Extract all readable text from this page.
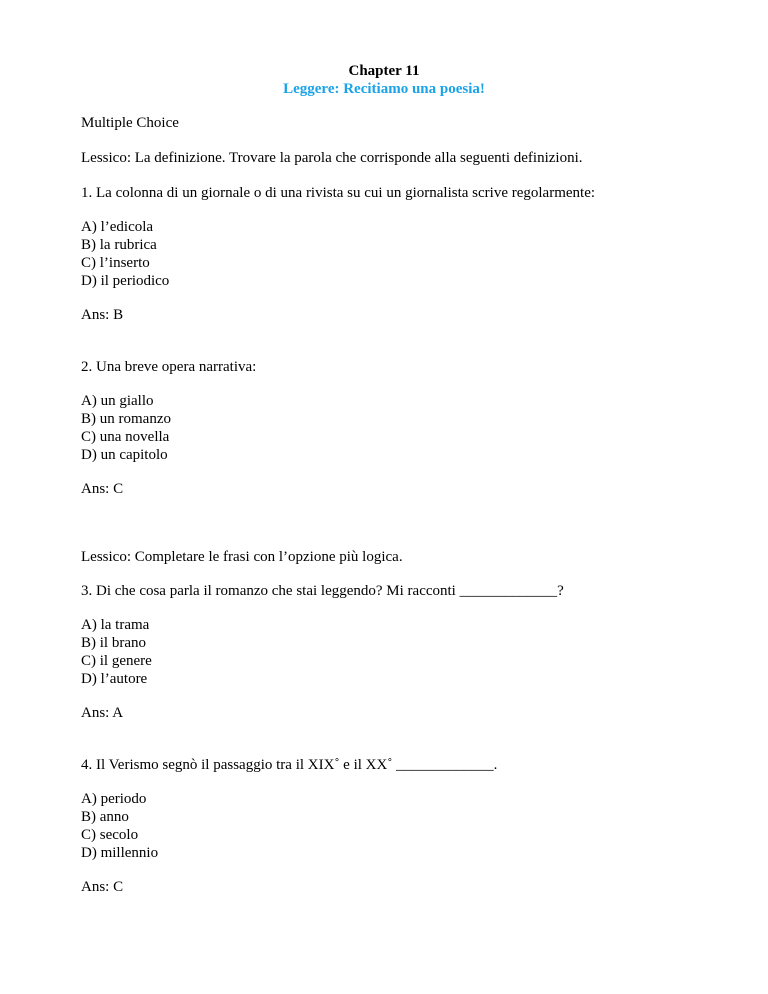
Chapter 11
Leggere: Recitiamo una poesia!
Multiple Choice
Lessico: La definizione. Trovare la parola che corrisponde alla seguenti definizioni.
1. La colonna di un giornale o di una rivista su cui un giornalista scrive regolarmente:
A) l’edicola
B) la rubrica
C) l’inserto
D) il periodico
Ans: B
2. Una breve opera narrativa:
A) un giallo
B) un romanzo
C) una novella
D) un capitolo
Ans: C
Lessico: Completare le frasi con l’opzione più logica.
3. Di che cosa parla il romanzo che stai leggendo? Mi racconti _____________?
A) la trama
B) il brano
C) il genere
D) l’autore
Ans: A
4. Il Verismo segnò il passaggio tra il XIX˚ e il XX˚ _____________.
A) periodo
B) anno
C) secolo
D) millennio
Ans: C
